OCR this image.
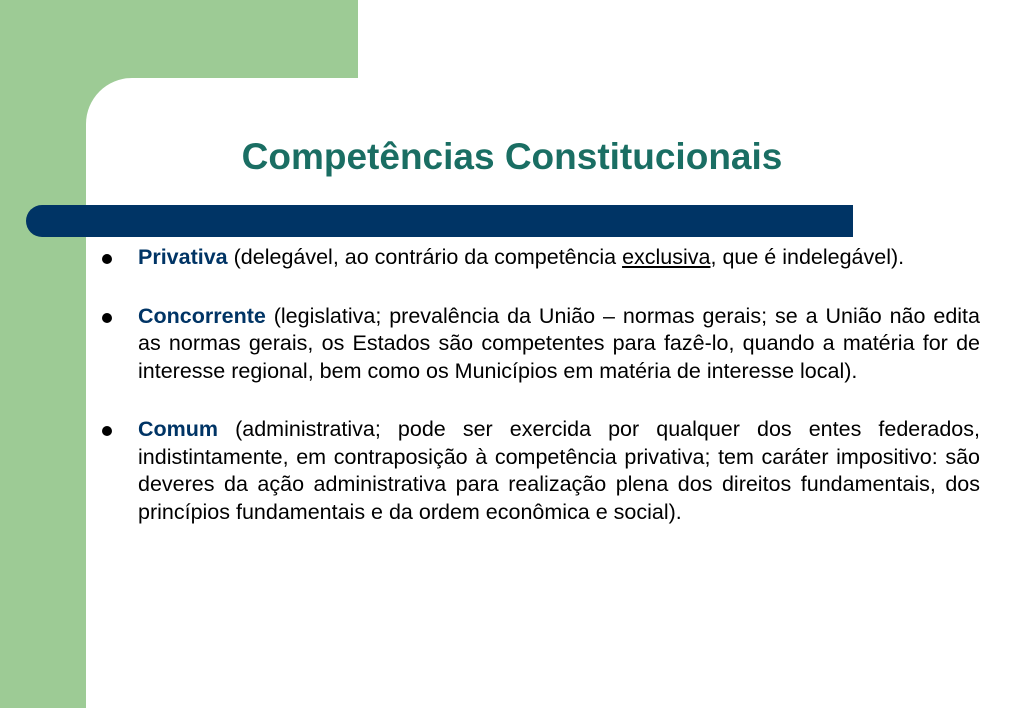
Competências Constitucionais
Privativa (delegável, ao contrário da competência exclusiva, que é indelegável).
Concorrente (legislativa; prevalência da União – normas gerais; se a União não edita as normas gerais, os Estados são competentes para fazê-lo, quando a matéria for de interesse regional, bem como os Municípios em matéria de interesse local).
Comum (administrativa; pode ser exercida por qualquer dos entes federados, indistintamente, em contraposição à competência privativa; tem caráter impositivo: são deveres da ação administrativa para realização plena dos direitos fundamentais, dos princípios fundamentais e da ordem econômica e social).
